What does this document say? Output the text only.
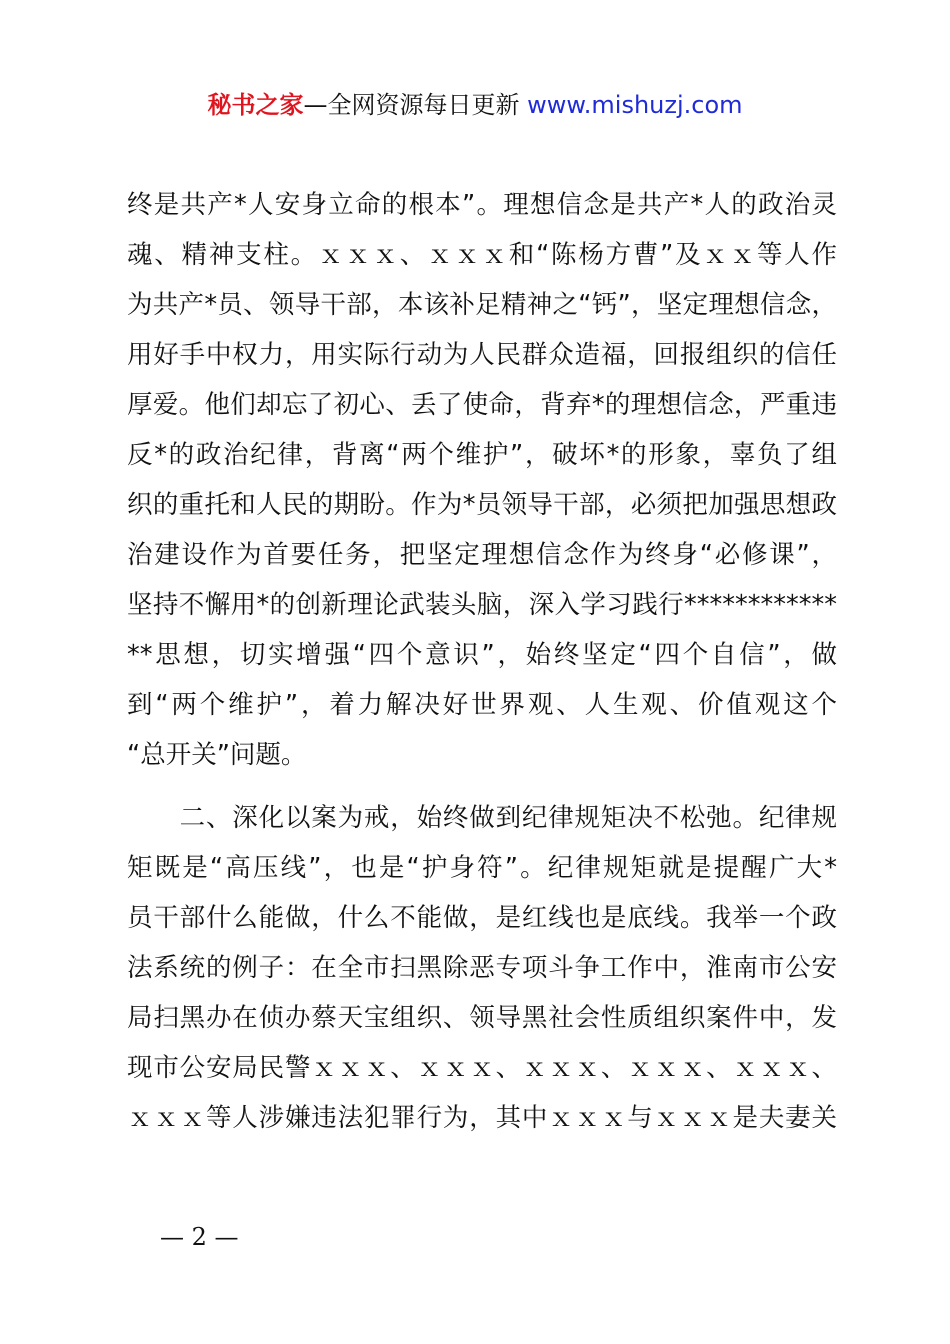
秘书之家—全网资源每日更新 www.mishuzj.com
终是共产*人安身立命的根本”。理想信念是共产*人的政治灵
魂、精神支柱。ｘｘｘ、ｘｘｘ和“陈杨方曹”及ｘｘ等人作
为共产*员、领导干部，本该补足精神之“钙”，坚定理想信念，
用好手中权力，用实际行动为人民群众造福，回报组织的信任
厚爱。他们却忘了初心、丢了使命，背弃*的理想信念，严重违
反*的政治纪律，背离“两个维护”，破坏*的形象，辜负了组
织的重托和人民的期盼。作为*员领导干部，必须把加强思想政
治建设作为首要任务，把坚定理想信念作为终身“必修课”，
坚持不懈用*的创新理论武装头脑，深入学习践行************
**思想，切实增强“四个意识”，始终坚定“四个自信”，做
到“两个维护”，着力解决好世界观、人生观、价值观这个
“总开关”问题。
　　二、深化以案为戒，始终做到纪律规矩决不松弛。纪律规
矩既是“高压线”，也是“护身符”。纪律规矩就是提醒广大*
员干部什么能做，什么不能做，是红线也是底线。我举一个政
法系统的例子：在全市扫黑除恶专项斗争工作中，淮南市公安
局扫黑办在侦办蔡天宝组织、领导黑社会性质组织案件中，发
现市公安局民警ｘｘｘ、ｘｘｘ、ｘｘｘ、ｘｘｘ、ｘｘｘ、
ｘｘｘ等人涉嫌违法犯罪行为，其中ｘｘｘ与ｘｘｘ是夫妻关
— 2 —
